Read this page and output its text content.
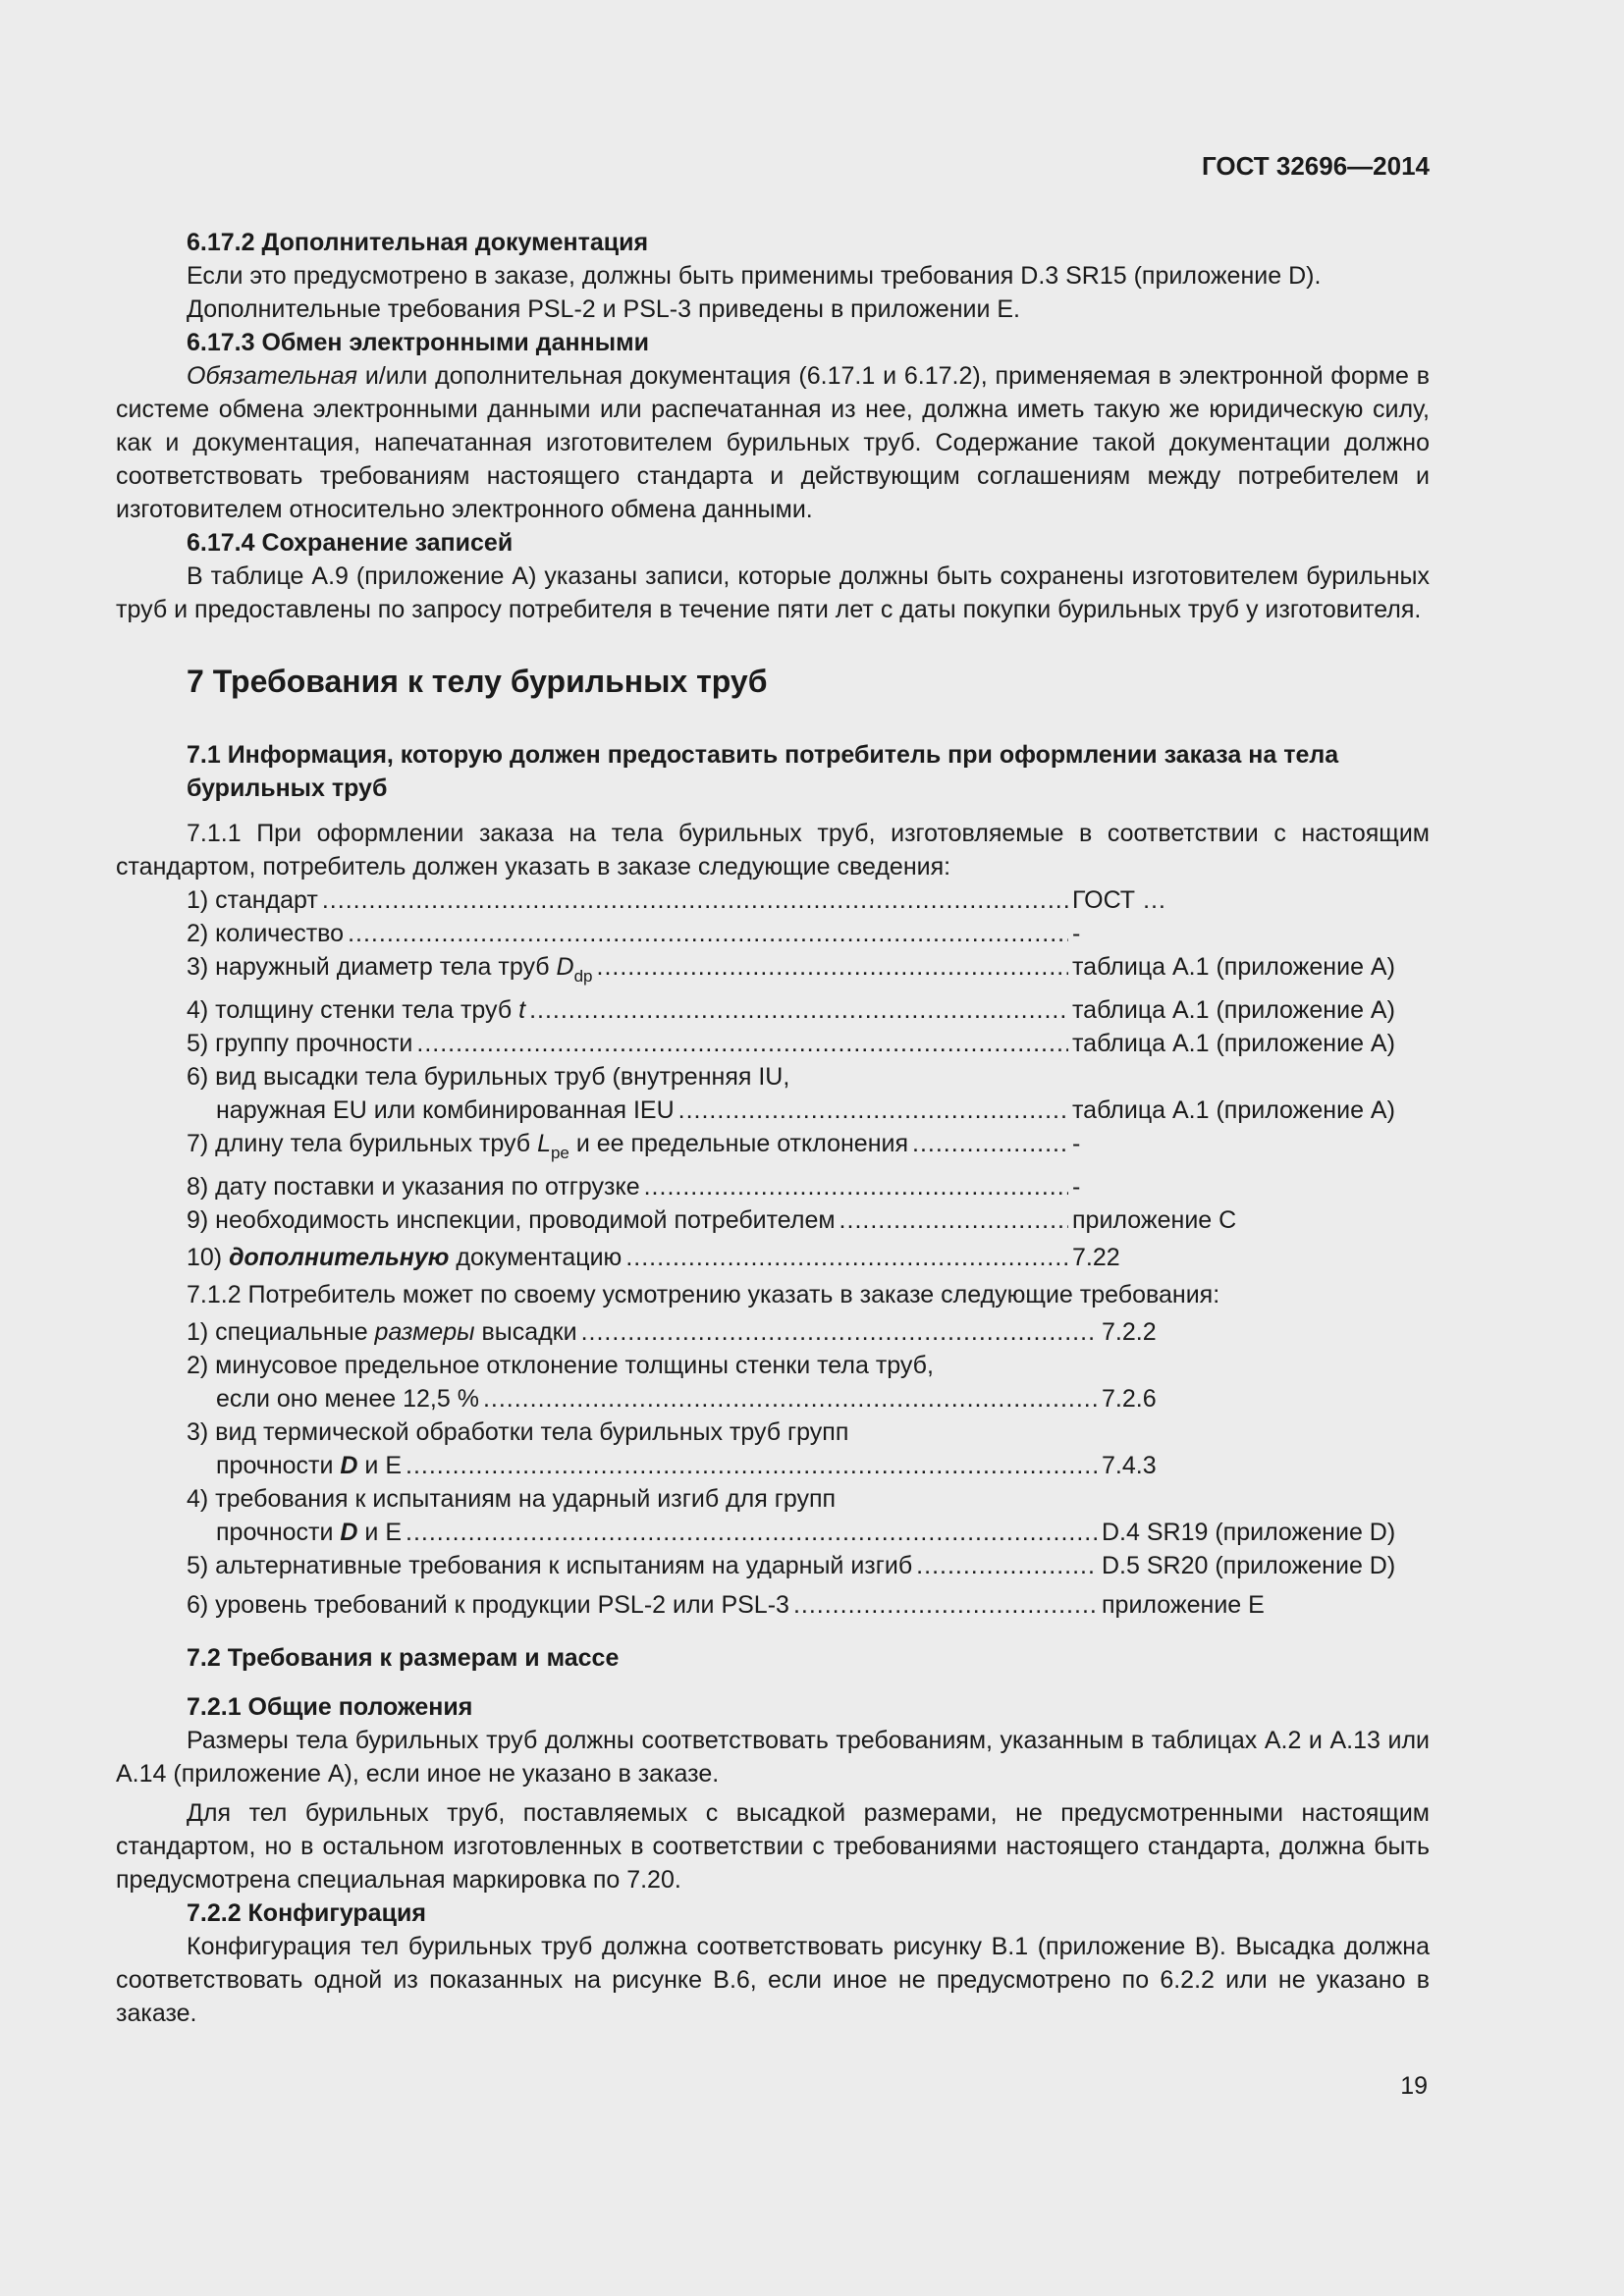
ГОСТ 32696—2014

6.17.2 Дополнительная документация

Если это предусмотрено в заказе, должны быть применимы требования D.3 SR15 (приложение D).

Дополнительные требования PSL-2 и PSL-3 приведены в приложении E.

6.17.3 Обмен электронными данными

Обязательная и/или дополнительная документация (6.17.1 и 6.17.2), применяемая в электронной форме в системе обмена электронными данными или распечатанная из нее, должна иметь такую же юридическую силу, как и документация, напечатанная изготовителем бурильных труб. Содержание такой документации должно соответствовать требованиям настоящего стандарта и действующим соглашениям между потребителем и изготовителем относительно электронного обмена данными.

6.17.4 Сохранение записей

В таблице А.9 (приложение А) указаны записи, которые должны быть сохранены изготовителем бурильных труб и предоставлены по запросу потребителя в течение пяти лет с даты покупки бурильных труб у изготовителя.

7 Требования к телу бурильных труб

7.1 Информация, которую должен предоставить потребитель при оформлении заказа на тела бурильных труб

7.1.1 При оформлении заказа на тела бурильных труб, изготовляемые в соответствии с настоящим стандартом, потребитель должен указать в заказе следующие сведения:

1) стандарт .....	ГОСТ …
2) количество .....	-
3) наружный диаметр тела труб $D_{dp}$ .....	таблица А.1 (приложение А)
4) толщину стенки тела труб t .....	таблица А.1 (приложение А)
5) группу прочности .....	таблица А.1 (приложение А)

6) вид высадки тела бурильных труб (внутренняя IU,

наружная EU или комбинированная IEU .....	таблица А.1 (приложение А)
7) длину тела бурильных труб $L_{pe}$ и ее предельные отклонения .....	-
8) дату поставки и указания по отгрузке .....	-
9) необходимость инспекции, проводимой потребителем .....	приложение С
10) дополнительную документацию .....	7.22

7.1.2 Потребитель может по своему усмотрению указать в заказе следующие требования:

1) специальные размеры высадки .....	7.2.2

2) минусовое предельное отклонение толщины стенки тела труб,

если оно менее 12,5 % .....	7.2.6

3) вид термической обработки тела бурильных труб групп

прочности D и E .....	7.4.3

4) требования к испытаниям на ударный изгиб для групп

прочности D и E .....	D.4 SR19 (приложение D)
5) альтернативные требования к испытаниям на ударный изгиб .....	D.5 SR20 (приложение D)
6) уровень требований к продукции PSL-2 или PSL-3 .....	приложение E

7.2 Требования к размерам и массе

7.2.1 Общие положения

Размеры тела бурильных труб должны соответствовать требованиям, указанным в таблицах А.2 и А.13 или А.14 (приложение А), если иное не указано в заказе.

Для тел бурильных труб, поставляемых с высадкой размерами, не предусмотренными настоящим стандартом, но в остальном изготовленных в соответствии с требованиями настоящего стандарта, должна быть предусмотрена специальная маркировка по 7.20.

7.2.2 Конфигурация

Конфигурация тел бурильных труб должна соответствовать рисунку В.1 (приложение В). Высадка должна соответствовать одной из показанных на рисунке В.6, если иное не предусмотрено по 6.2.2 или не указано в заказе.

19
